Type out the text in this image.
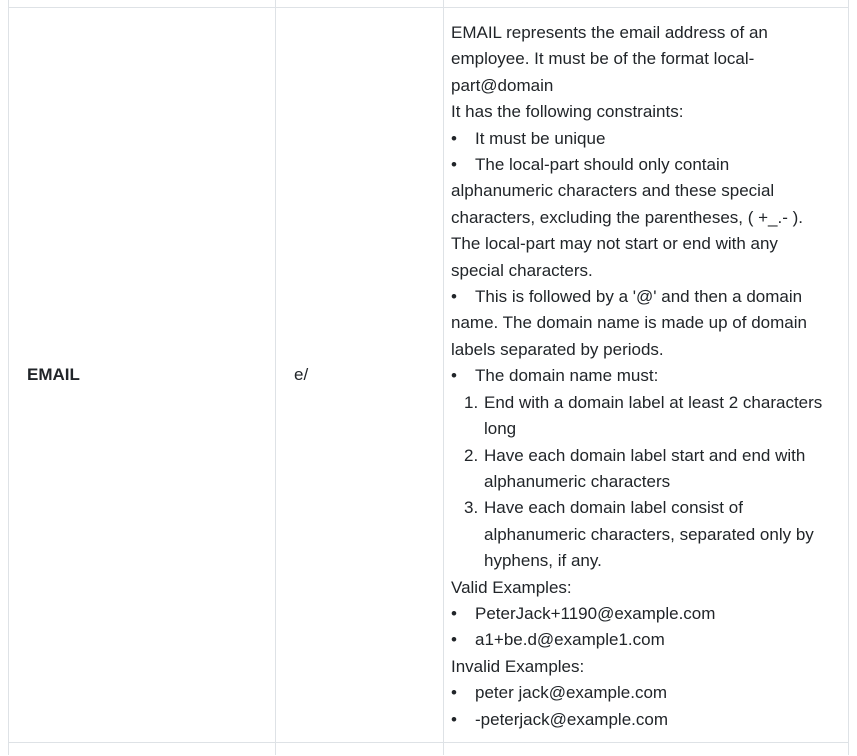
EMAIL	e/

EMAIL represents the email address of an employee. It must be of the format local-part@domain

It has the following constraints:

• It must be unique

• The local-part should only contain alphanumeric characters and these special characters, excluding the parentheses, ( +_.- ). The local-part may not start or end with any special characters.

• This is followed by a '@' and then a domain name. The domain name is made up of domain labels separated by periods.

• The domain name must:

1. End with a domain label at least 2 characters long
2. Have each domain label start and end with alphanumeric characters
3. Have each domain label consist of alphanumeric characters, separated only by hyphens, if any.

Valid Examples:

• PeterJack+1190@example.com

• a1+be.d@example1.com

Invalid Examples:

• peter jack@example.com

• -peterjack@example.com
